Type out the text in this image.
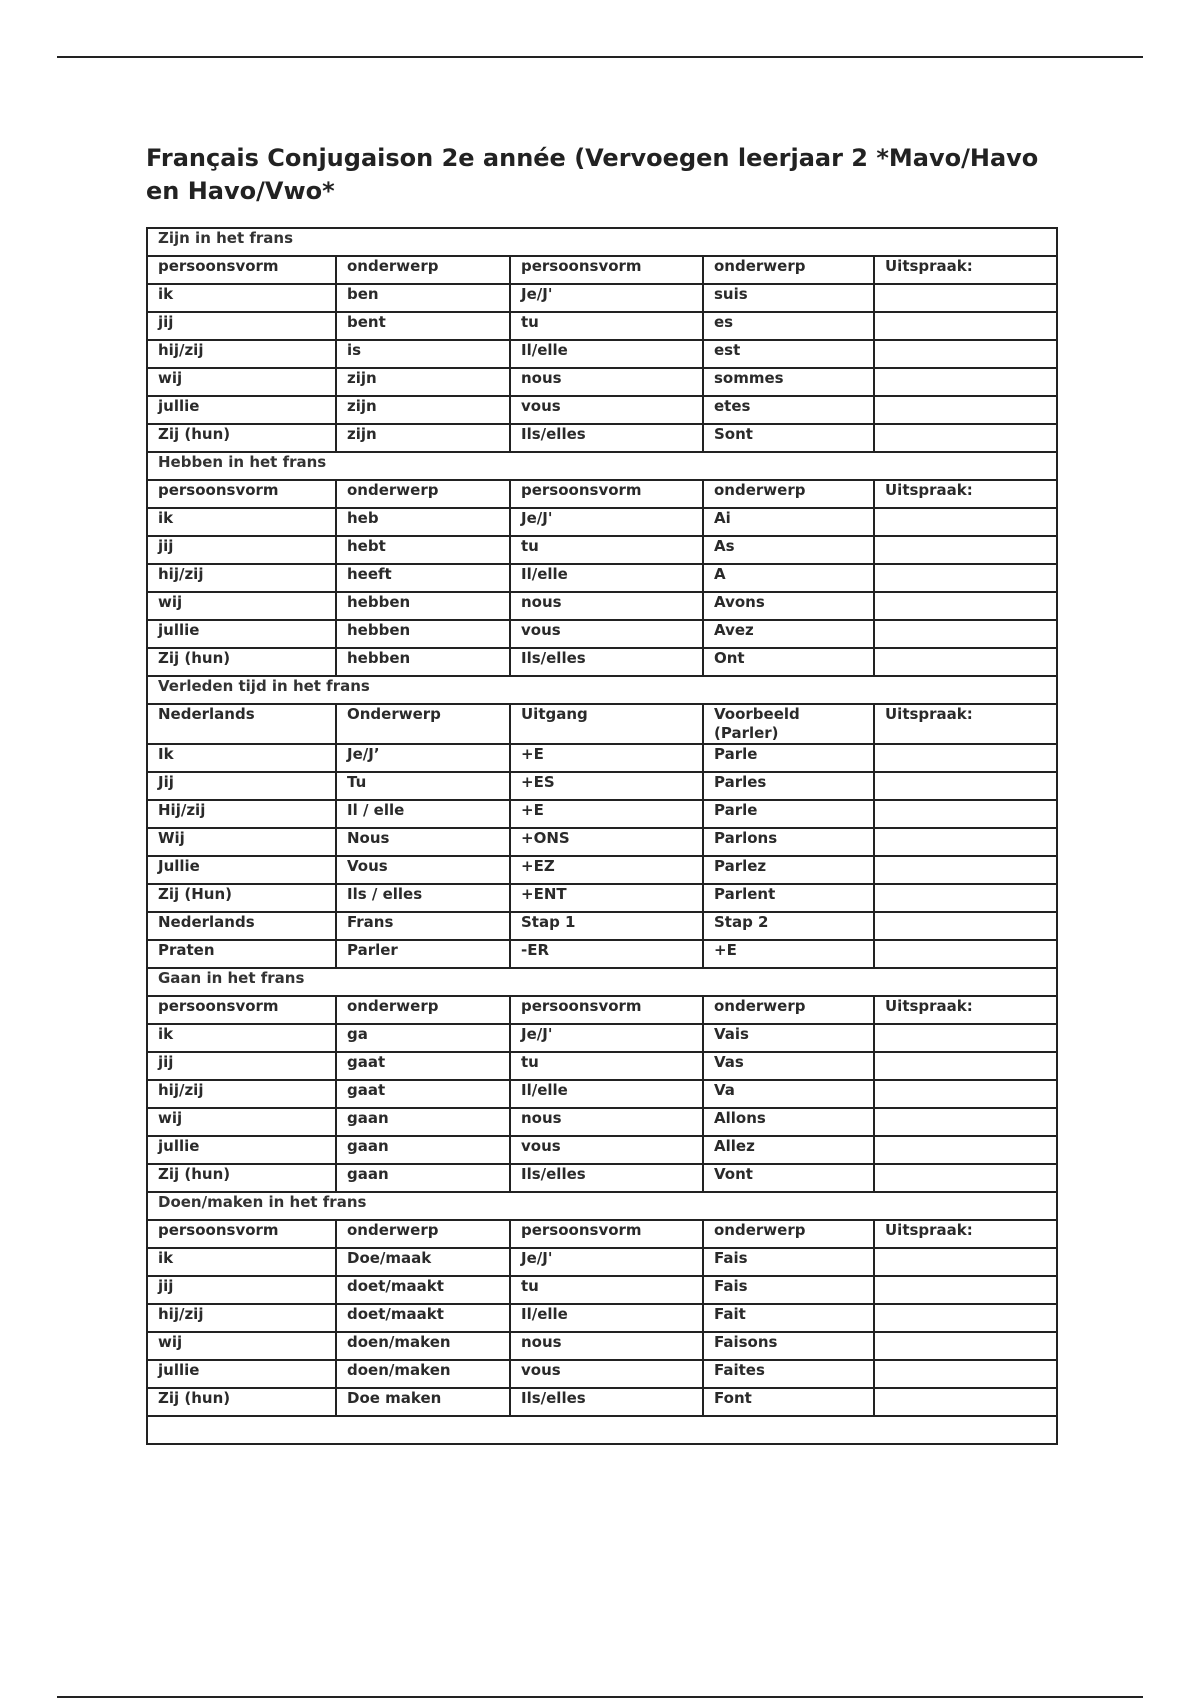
Français Conjugaison 2e année (Vervoegen leerjaar 2 *Mavo/Havo en Havo/Vwo*
Zijn in het frans				
persoonsvorm	onderwerp	persoonsvorm	onderwerp	Uitspraak:
ik	ben	Je/J'	suis	
jij	bent	tu	es	
hij/zij	is	Il/elle	est	
wij	zijn	nous	sommes	
jullie	zijn	vous	etes	
Zij (hun)	zijn	Ils/elles	Sont	
Hebben in het frans				
persoonsvorm	onderwerp	persoonsvorm	onderwerp	Uitspraak:
ik	heb	Je/J'	Ai	
jij	hebt	tu	As	
hij/zij	heeft	Il/elle	A	
wij	hebben	nous	Avons	
jullie	hebben	vous	Avez	
Zij (hun)	hebben	Ils/elles	Ont	
Verleden tijd in het frans				
Nederlands	Onderwerp	Uitgang	Voorbeeld (Parler)	Uitspraak:
Ik	Je/J’	+E	Parle	
Jij	Tu	+ES	Parles	
Hij/zij	Il / elle	+E	Parle	
Wij	Nous	+ONS	Parlons	
Jullie	Vous	+EZ	Parlez	
Zij (Hun)	Ils / elles	+ENT	Parlent	
Nederlands	Frans	Stap 1	Stap 2	
Praten	Parler	-ER	+E	
Gaan in het frans				
persoonsvorm	onderwerp	persoonsvorm	onderwerp	Uitspraak:
ik	ga	Je/J'	Vais	
jij	gaat	tu	Vas	
hij/zij	gaat	Il/elle	Va	
wij	gaan	nous	Allons	
jullie	gaan	vous	Allez	
Zij (hun)	gaan	Ils/elles	Vont	
Doen/maken in het frans				
persoonsvorm	onderwerp	persoonsvorm	onderwerp	Uitspraak:
ik	Doe/maak	Je/J'	Fais	
jij	doet/maakt	tu	Fais	
hij/zij	doet/maakt	Il/elle	Fait	
wij	doen/maken	nous	Faisons	
jullie	doen/maken	vous	Faites	
Zij (hun)	Doe maken	Ils/elles	Font	
